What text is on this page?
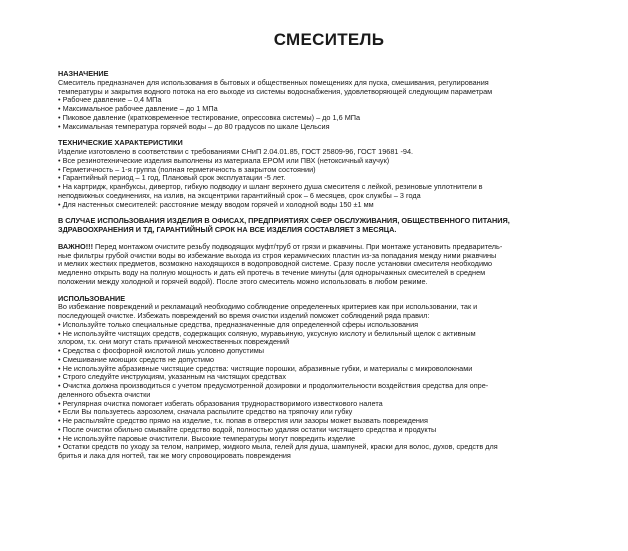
СМЕСИТЕЛЬ
НАЗНАЧЕНИЕ
Смеситель предназначен для использования в бытовых и общественных помещениях для пуска, смешивания, регулирования
температуры и закрытия водного потока на его выходе из системы водоснабжения, удовлетворяющей следующим параметрам
• Рабочее давление – 0,4 МПа
• Максимальное рабочее давление – до 1 МПа
• Пиковое давление (кратковременное тестирование, опрессовка системы) – до 1,6 МПа
• Максимальная температура горячей воды – до 80 градусов по шкале Цельсия
ТЕХНИЧЕСКИЕ ХАРАКТЕРИСТИКИ
Изделие изготовлено в соответствии с требованиями СНиП 2.04.01.85, ГОСТ 25809-96, ГОСТ 19681 -94.
• Все резинотехнические изделия выполнены из материала EPOM или ПВХ (нетоксичный каучук)
• Герметичность – 1-я группа (полная герметичность в закрытом состоянии)
• Гарантийный период – 1 год, Плановый срок эксплуатации -5 лет.
• На картридж, кранбуксы, дивертор, гибкую подводку и шланг верхнего душа смесителя с лейкой, резиновые уплотнители в
неподвижных соединениях, на излив, на эксцентрики гарантийный срок – 6 месяцев, срок службы – 3 года
• Для настенных смесителей: расстояние между вводом горячей и холодной воды 150 ±1 мм
В СЛУЧАЕ ИСПОЛЬЗОВАНИЯ ИЗДЕЛИЯ В ОФИСАХ, ПРЕДПРИЯТИЯХ СФЕР ОБСЛУЖИВАНИЯ, ОБЩЕСТВЕННОГО ПИТАНИЯ,
ЗДРАВООХРАНЕНИЯ И ТД, ГАРАНТИЙНЫЙ СРОК НА ВСЕ ИЗДЕЛИЯ СОСТАВЛЯЕТ 3 МЕСЯЦА.
ВАЖНО!!! Перед монтажом очистите резьбу подводящих муфт/труб от грязи и ржавчины. При монтаже установить предваритель-
ные фильтры грубой очистки воды во избежание выхода из строя керамических пластин из-за попадания между ними ржавчины
и мелких жестких предметов, возможно находящихся в водопроводной системе. Сразу после установки смесителя необходимо
медленно открыть воду на полную мощность и дать ей протечь в течение минуты (для однорычажных смесителей в среднем
положении между холодной и горячей водой). После этого смеситель можно использовать в любом режиме.
ИСПОЛЬЗОВАНИЕ
Во избежание повреждений и рекламаций необходимо соблюдение определенных критериев как при использовании, так и
последующей очистке. Избежать повреждений во время очистки изделий поможет соблюдений ряда правил:
• Используйте только специальные средства, предназначенные для определенной сферы использования
• Не используйте чистящих средств, содержащих соляную, муравьиную, уксусную кислоту и белильный щелок с активным
хлором, т.к. они могут стать причиной множественных повреждений
• Средства с фосфорной кислотой лишь условно допустимы
• Смешивание моющих средств не допустимо
• Не используйте абразивные чистящие средства: чистящие порошки, абразивные губки, и материалы с микроволокнами
• Строго следуйте инструкциям, указанным на чистящих средствах
• Очистка должна производиться с учетом предусмотренной дозировки и продолжительности воздействия средства для опре-
деленного объекта очистки
• Регулярная очистка помогает избегать образования труднорастворимого известкового налета
• Если Вы пользуетесь аэрозолем, сначала распылите средство на тряпочку или губку
• Не распыляйте средство прямо на изделие, т.к. попав в отверстия или зазоры может вызвать повреждения
• После очистки обильно смывайте средство водой, полностью удаляя остатки чистящего средства и продукты
• Не используйте паровые очистители. Высокие температуры могут повредить изделие
• Остатки средств по уходу за телом, например, жидкого мыла, гелей для душа, шампуней, краски для волос, духов, средств для
бритья и лака для ногтей, так же могу спровоцировать повреждения
